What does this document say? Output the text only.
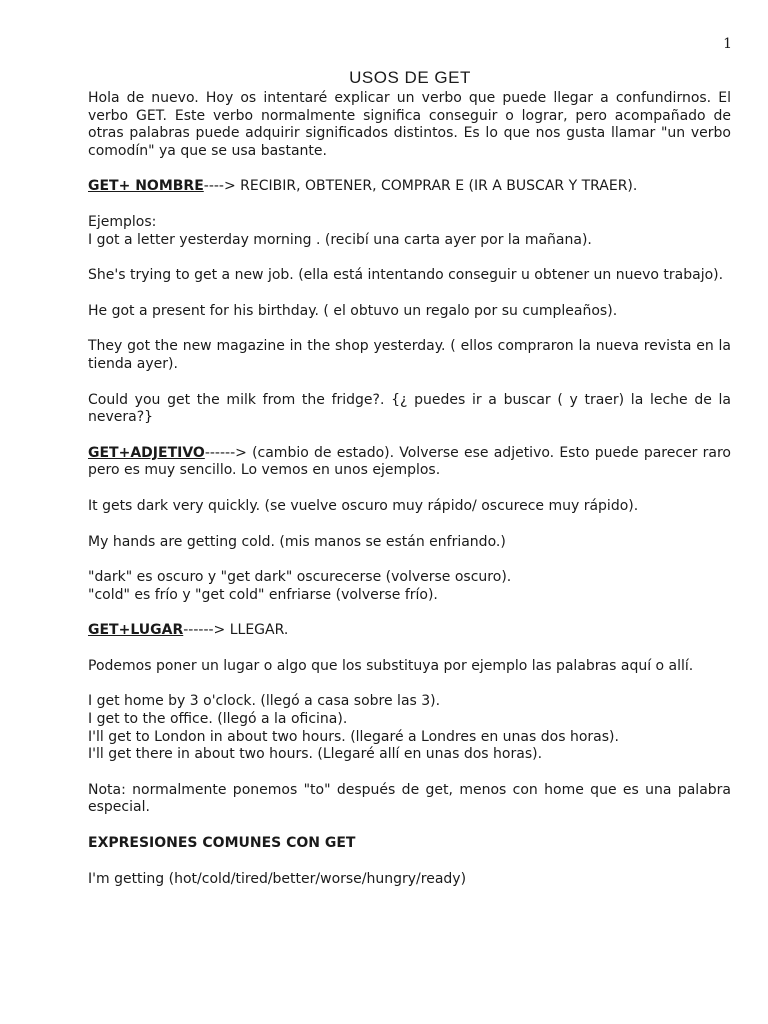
1
USOS DE GET

Hola de nuevo. Hoy os intentaré explicar un verbo que puede llegar a confundirnos. El verbo GET. Este verbo normalmente significa conseguir o lograr, pero acompañado de otras palabras puede adquirir significados distintos. Es lo que nos gusta llamar "un verbo comodín" ya que se usa bastante.

GET+ NOMBRE----> RECIBIR, OBTENER, COMPRAR E (IR A BUSCAR Y TRAER).

Ejemplos:
I got a letter yesterday morning . (recibí una carta ayer por la mañana).

She's trying to get a new job. (ella está intentando conseguir u obtener un nuevo trabajo).

He got a present for his birthday. ( el obtuvo un regalo por su cumpleaños).

They got the new magazine in the shop yesterday. ( ellos compraron la nueva revista en la tienda ayer).

Could you get the milk from the fridge?. {¿ puedes ir a buscar ( y traer) la leche de la nevera?}

GET+ADJETIVO------> (cambio de estado). Volverse ese adjetivo. Esto puede parecer raro pero es muy sencillo. Lo vemos en unos ejemplos.

It gets dark very quickly. (se vuelve oscuro muy rápido/ oscurece muy rápido).

My hands are getting cold. (mis manos se están enfriando.)

"dark" es oscuro y "get dark" oscurecerse (volverse oscuro).
"cold" es frío y "get cold" enfriarse (volverse frío).

GET+LUGAR------> LLEGAR.

Podemos poner un lugar o algo que los substituya por ejemplo las palabras aquí o allí.

I get home by 3 o'clock. (llegó a casa sobre las 3).
I get to the office. (llegó a la oficina).
I'll get to London in about two hours. (llegaré a Londres en unas dos horas).
I'll get there in about two hours. (Llegaré allí en unas dos horas).

Nota: normalmente ponemos "to" después de get, menos con home que es una palabra especial.

EXPRESIONES COMUNES CON GET

I'm getting (hot/cold/tired/better/worse/hungry/ready)
